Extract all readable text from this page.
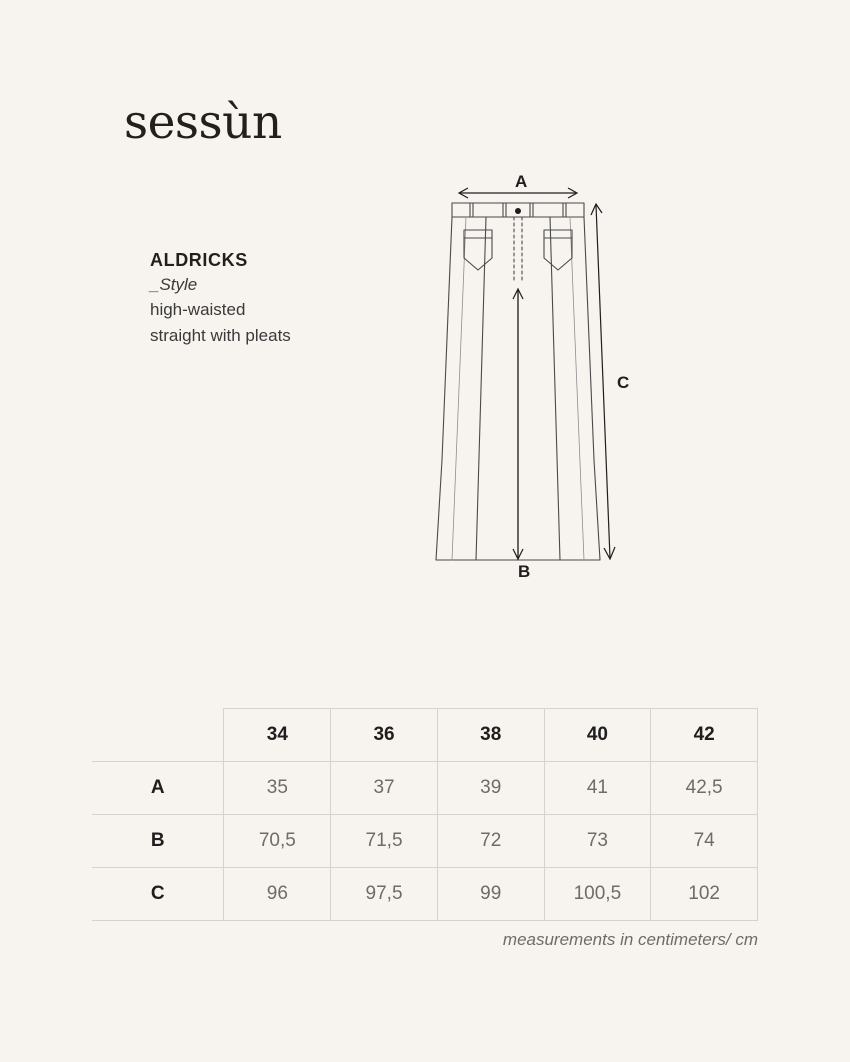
sessùn

ALDRICKS

_Style

high-waisted
straight with pleats
A
B
C
	34	36	38	40	42
A	35	37	39	41	42,5
B	70,5	71,5	72	73	74
C	96	97,5	99	100,5	102
measurements in centimeters/ cm
